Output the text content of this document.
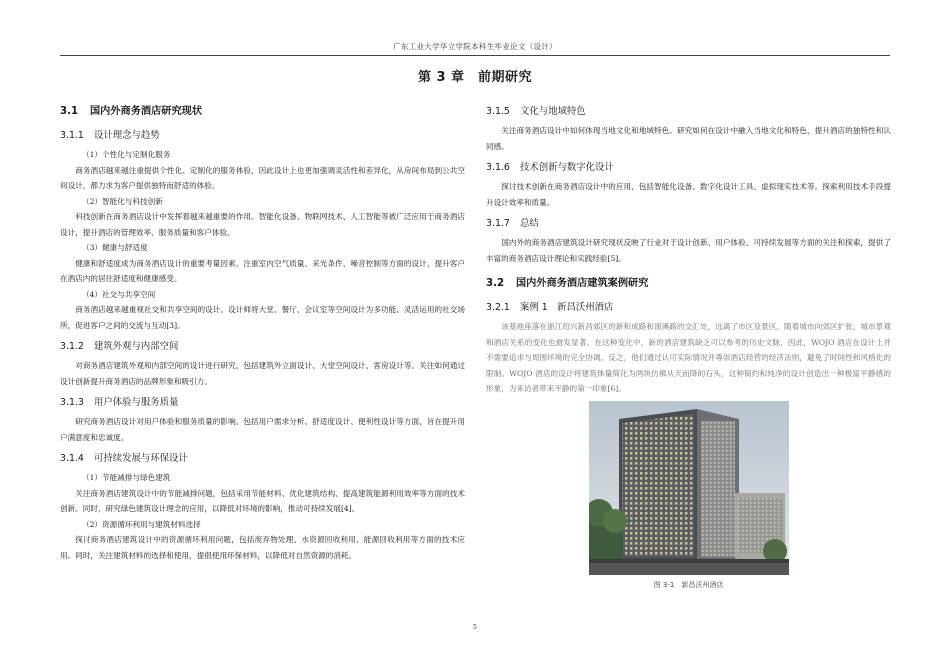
广东工业大学华立学院本科生毕业论文（设计）
第 3 章　前期研究
3.1 国内外商务酒店研究现状
3.1.1 设计理念与趋势

（1）个性化与定制化服务

商务酒店越来越注重提供个性化、定制化的服务体验，因此设计上也更加强调灵活性和差异化，从房间布局到公共空间设计，都力求为客户提供独特而舒适的体验。

（2）智能化与科技创新

科技创新在商务酒店设计中发挥着越来越重要的作用。智能化设备、物联网技术、人工智能等被广泛应用于商务酒店设计，提升酒店的管理效率、服务质量和客户体验。

（3）健康与舒适度

健康和舒适度成为商务酒店设计的重要考量因素。注重室内空气质量、采光条件、噪音控制等方面的设计，提升客户在酒店内的居住舒适度和健康感受。

（4）社交与共享空间

商务酒店越来越重视社交和共享空间的设计。设计师将大堂、餐厅、会议室等空间设计为多功能、灵活运用的社交场所，促进客户之间的交流与互动[3]。

3.1.2 建筑外观与内部空间

对商务酒店建筑外观和内部空间的设计进行研究，包括建筑外立面设计、大堂空间设计、客房设计等。关注如何通过设计创新提升商务酒店的品牌形象和吸引力。

3.1.3 用户体验与服务质量

研究商务酒店设计对用户体验和服务质量的影响。包括用户需求分析、舒适度设计、便利性设计等方面，旨在提升用户满意度和忠诚度。

3.1.4 可持续发展与环保设计

（1）节能减排与绿色建筑

关注商务酒店建筑设计中的节能减排问题，包括采用节能材料、优化建筑结构、提高建筑能源利用效率等方面的技术创新。同时，研究绿色建筑设计理念的应用，以降低对环境的影响，推动可持续发展[4]。

（2）资源循环利用与建筑材料选择

探讨商务酒店建筑设计中的资源循环利用问题，包括废弃物处理、水资源回收利用、能源回收利用等方面的技术应用。同时，关注建筑材料的选择和使用，提倡使用环保材料，以降低对自然资源的消耗。

3.1.5 文化与地域特色

关注商务酒店设计中如何体现当地文化和地域特色。研究如何在设计中融入当地文化和特色，提升酒店的独特性和认同感。

3.1.6 技术创新与数字化设计

探讨技术创新在商务酒店设计中的应用，包括智能化设备、数字化设计工具、虚拟现实技术等。探索利用技术手段提升设计效率和质量。

3.1.7 总结

国内外的商务酒店建筑设计研究现状反映了行业对于设计创新、用户体验、可持续发展等方面的关注和探索，提供了丰富的商务酒店设计理论和实践经验[5]。

3.2 国内外商务酒店建筑案例研究
3.2.1 案例 1　新昌沃州酒店

该基地座落在浙江绍兴新昌郊区的新和成路和演溪路的交汇处，远离了市区及景区。随着城市向郊区扩张，城市景观和酒店关系的变化也愈发显著。在这种变化中，新的酒店建筑缺乏可以参考的历史文脉，因此，WOJO 酒店在设计上并不需要追求与周围环境的完全协调。反之，他们通过认可实际情况并尊崇酒店经营的经济法则，避免了时间性和风格化的限制。WOJO 酒店的设计将建筑体量简化为两块仿佛从天而降的石头，这种简约和纯净的设计创造出一种极富平静感的形象，为来访者带来平静的第一印象[6]。

图 3-1　新昌沃州酒店
5
